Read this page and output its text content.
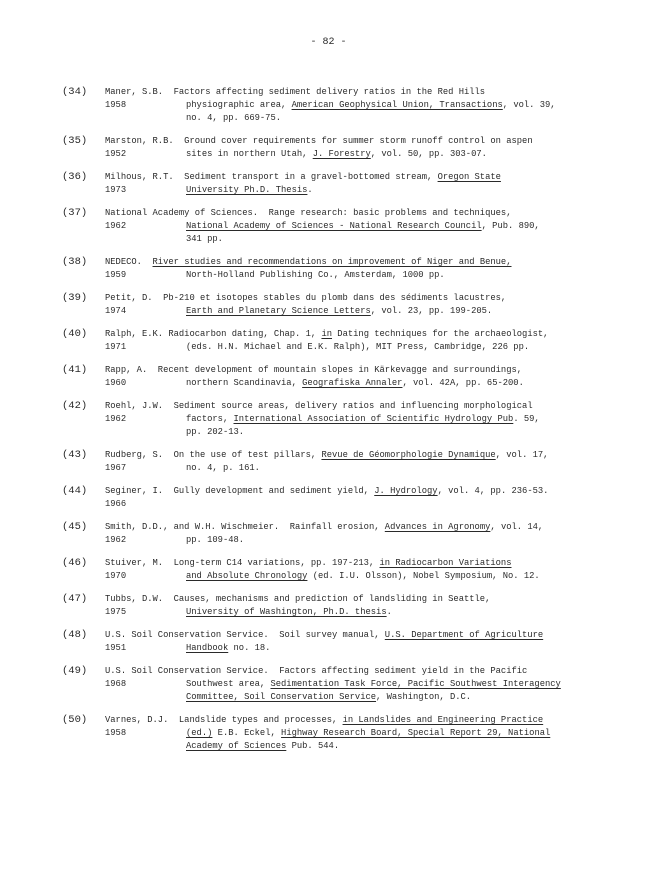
- 82 -
(34) Maner, S.B.  Factors affecting sediment delivery ratios in the Red Hills
1958	physiographic area, American Geophysical Union, Transactions, vol. 39,
no. 4, pp. 669-75.
(35) Marston, R.B.  Ground cover requirements for summer storm runoff control on aspen
1952	sites in northern Utah, J. Forestry, vol. 50, pp. 303-07.
(36) Milhous, R.T.  Sediment transport in a gravel-bottomed stream, Oregon State
1973	University Ph.D. Thesis.
(37) National Academy of Sciences.  Range research: basic problems and techniques,
1962	National Academy of Sciences - National Research Council, Pub. 890,
341 pp.
(38) NEDECO.  River studies and recommendations on improvement of Niger and Benue,
1959	North-Holland Publishing Co., Amsterdam, 1000 pp.
(39) Petit, D.  Pb-210 et isotopes stables du plomb dans des sédiments lacustres,
1974	Earth and Planetary Science Letters, vol. 23, pp. 199-205.
(40) Ralph, E.K. Radiocarbon dating, Chap. 1, in Dating techniques for the archaeologist,
1971	(eds. H.N. Michael and E.K. Ralph), MIT Press, Cambridge, 226 pp.
(41) Rapp, A.  Recent development of mountain slopes in Kärkevagge and surroundings,
1960	northern Scandinavia, Geografiska Annaler, vol. 42A, pp. 65-200.
(42) Roehl, J.W.  Sediment source areas, delivery ratios and influencing morphological
1962	factors, International Association of Scientific Hydrology Pub. 59,
pp. 202-13.
(43) Rudberg, S.  On the use of test pillars, Revue de Géomorphologie Dynamique, vol. 17,
1967	no. 4, p. 161.
(44) Seginer, I.  Gully development and sediment yield, J. Hydrology, vol. 4, pp. 236-53.
1966
(45) Smith, D.D., and W.H. Wischmeier.  Rainfall erosion, Advances in Agronomy, vol. 14,
1962	pp. 109-48.
(46) Stuiver, M.  Long-term C14 variations, pp. 197-213, in Radiocarbon Variations
1970	and Absolute Chronology (ed. I.U. Olsson), Nobel Symposium, No. 12.
(47) Tubbs, D.W.  Causes, mechanisms and prediction of landsliding in Seattle,
1975	University of Washington, Ph.D. thesis.
(48) U.S. Soil Conservation Service.  Soil survey manual, U.S. Department of Agriculture
1951	Handbook no. 18.
(49) U.S. Soil Conservation Service.  Factors affecting sediment yield in the Pacific
1968	Southwest area, Sedimentation Task Force, Pacific Southwest Interagency
Committee, Soil Conservation Service, Washington, D.C.
(50) Varnes, D.J.  Landslide types and processes, in Landslides and Engineering Practice
1958	(ed.) E.B. Eckel, Highway Research Board, Special Report 29, National
Academy of Sciences Pub. 544.
